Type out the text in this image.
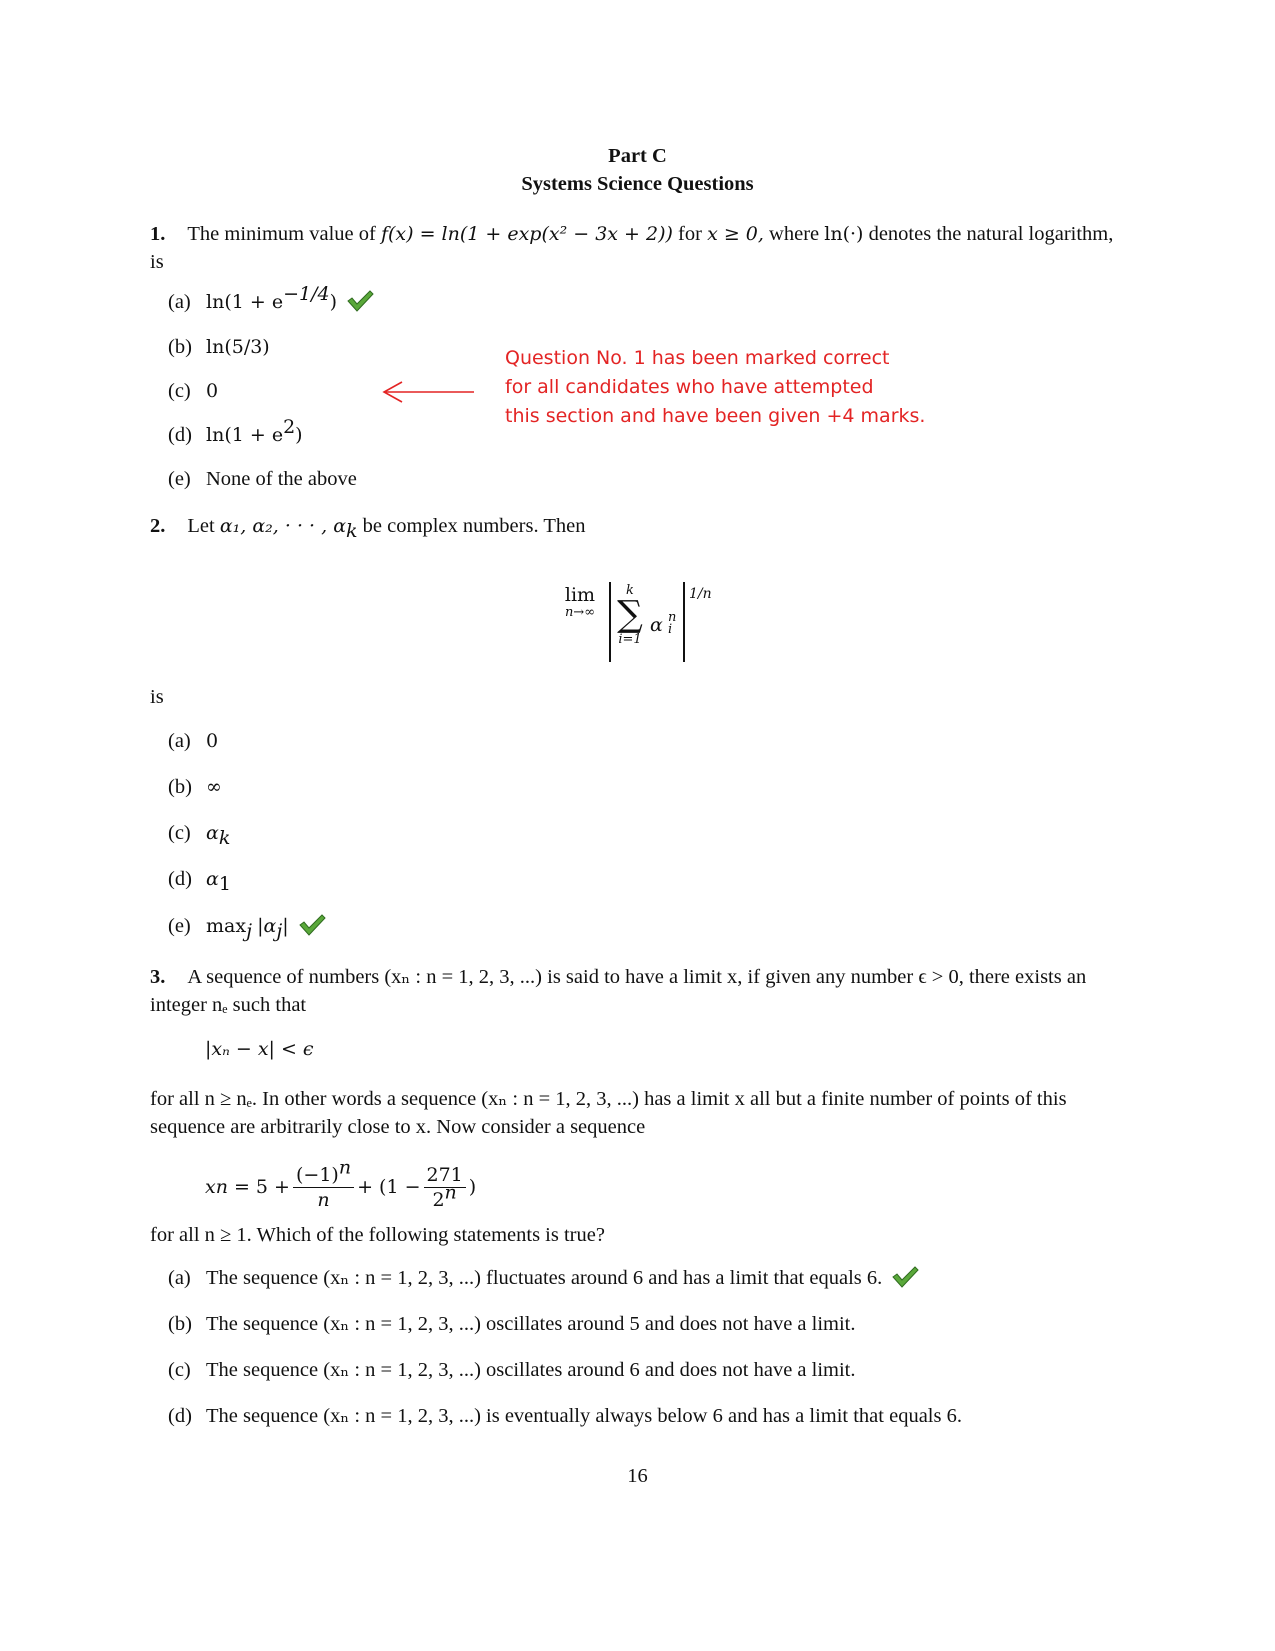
Part C
Systems Science Questions
1. The minimum value of f(x) = ln(1 + exp(x² − 3x + 2)) for x ≥ 0, where ln(·) denotes the natural logarithm, is
(a) $\ln(1 + e^{-1/4})$
(b) ln(5/3)
(c) 0
(d) $\ln(1 + e^2)$
(e) None of the above
Question No. 1 has been marked correct
for all candidates who have attempted
this section and have been given +4 marks.
2. Let α₁, α₂, · · · , $\alpha_k$ be complex numbers. Then
lim
n→∞
k
∑
i=1
α n
i
1/n
is
(a) 0
(b) ∞
(c) $\alpha_k$
(d) $\alpha_1$
(e) $\max_j |\alpha_j|$
3. A sequence of numbers (xₙ : n = 1, 2, 3, ...) is said to have a limit x, if given any number ϵ > 0, there exists an integer nₑ such that
|xₙ − x| < ϵ
for all n ≥ nₑ. In other words a sequence (xₙ : n = 1, 2, 3, ...) has a limit x all but a finite number of points of this sequence are arbitrarily close to x. Now consider a sequence
x $n = 5 + \frac{(-1)^n}{n} + (1 - \frac{271}{2^n}$ )
for all n ≥ 1. Which of the following statements is true?
(a) The sequence (xₙ : n = 1, 2, 3, ...) fluctuates around 6 and has a limit that equals 6.
(b) The sequence (xₙ : n = 1, 2, 3, ...) oscillates around 5 and does not have a limit.
(c) The sequence (xₙ : n = 1, 2, 3, ...) oscillates around 6 and does not have a limit.
(d) The sequence (xₙ : n = 1, 2, 3, ...) is eventually always below 6 and has a limit that equals 6.
16
